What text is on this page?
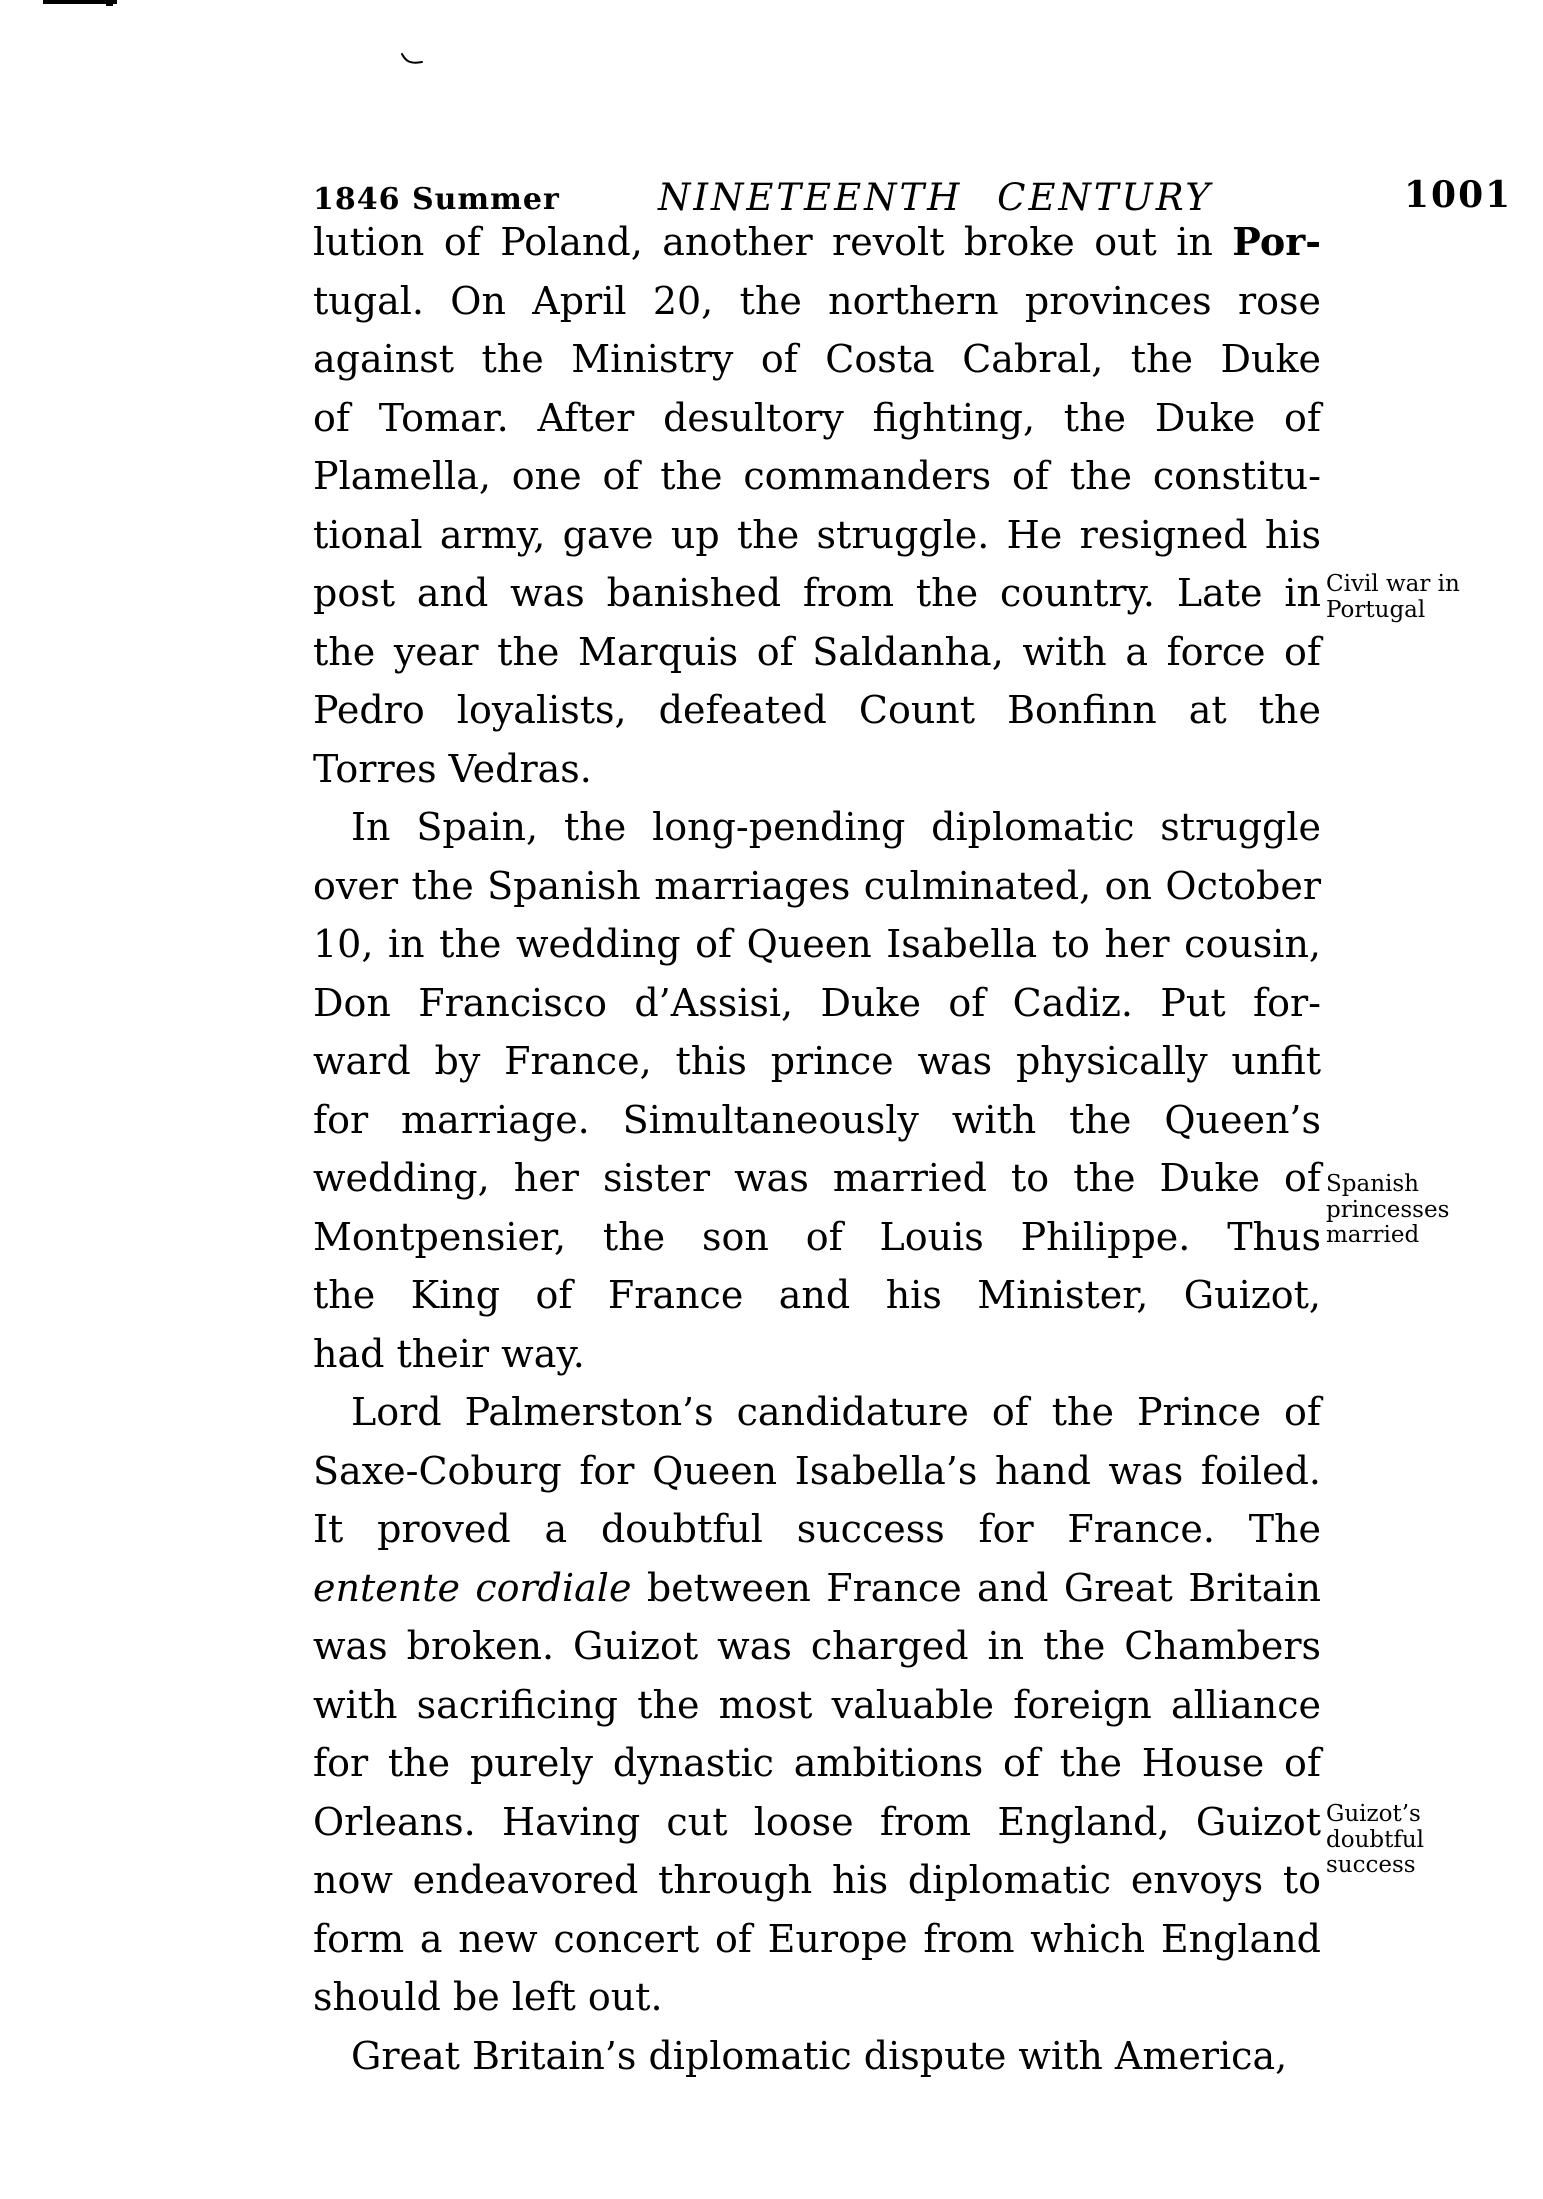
1846 Summer	NINETEENTH CENTURY	1001
lution of Poland, another revolt broke out in Por-
tugal. On April 20, the northern provinces rose
against the Ministry of Costa Cabral, the Duke
of Tomar. After desultory fighting, the Duke of
Plamella, one of the commanders of the constitu-
tional army, gave up the struggle. He resigned his
post and was banished from the country. Late in
the year the Marquis of Saldanha, with a force of
Pedro loyalists, defeated Count Bonfinn at the
Torres Vedras.
In Spain, the long-pending diplomatic struggle
over the Spanish marriages culminated, on October
10, in the wedding of Queen Isabella to her cousin,
Don Francisco d’Assisi, Duke of Cadiz. Put for-
ward by France, this prince was physically unfit
for marriage. Simultaneously with the Queen’s
wedding, her sister was married to the Duke of
Montpensier, the son of Louis Philippe. Thus
the King of France and his Minister, Guizot,
had their way.
Lord Palmerston’s candidature of the Prince of
Saxe-Coburg for Queen Isabella’s hand was foiled.
It proved a doubtful success for France. The
entente cordiale between France and Great Britain
was broken. Guizot was charged in the Chambers
with sacrificing the most valuable foreign alliance
for the purely dynastic ambitions of the House of
Orleans. Having cut loose from England, Guizot
now endeavored through his diplomatic envoys to
form a new concert of Europe from which England
should be left out.
Great Britain’s diplomatic dispute with America,
Civil war in
Portugal
Spanish
princesses
married
Guizot’s
doubtful
success
